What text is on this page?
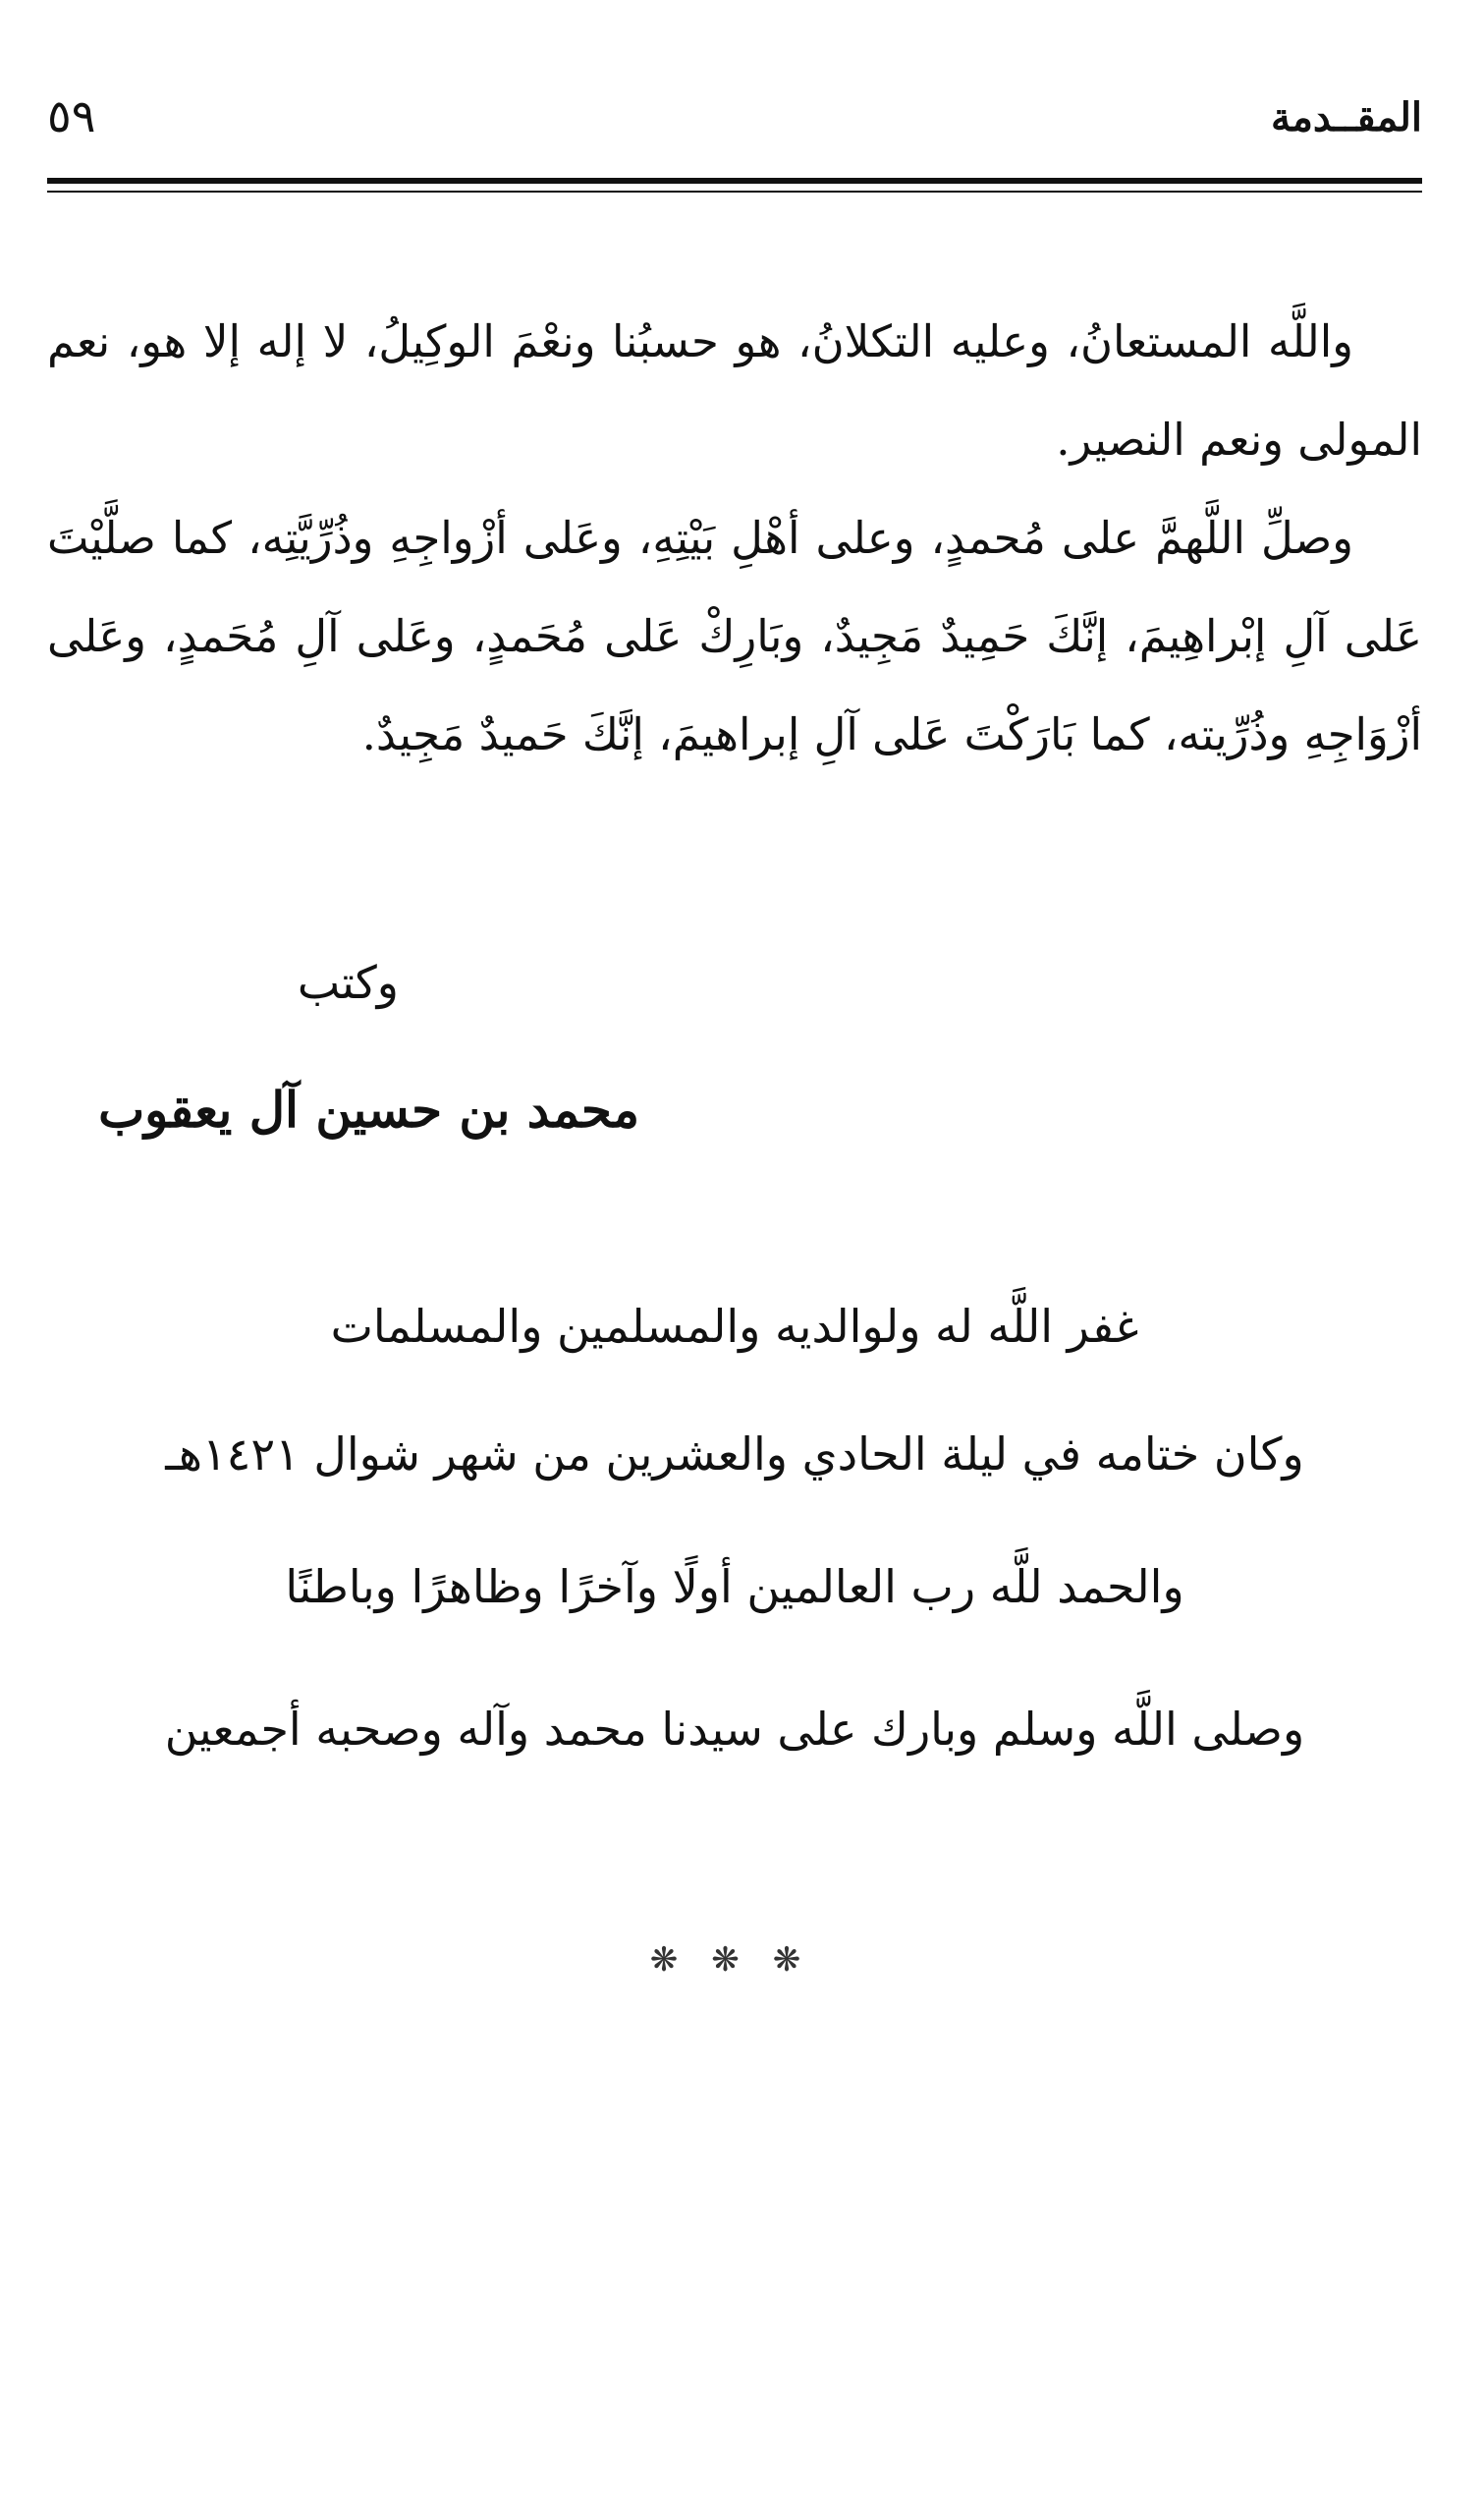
٥٩	المقــدمة

واللَّه المستعانُ، وعليه التكلانُ، هو حسبُنا ونعْمَ الوكِيلُ، لا إله إلا هو، نعم المولى ونعم النصير.

وصلِّ اللَّهمَّ على مُحمدٍ، وعلى أهْلِ بَيْتِهِ، وعَلى أزْواجِهِ وذُرِّيَّتِه، كما صلَّيْتَ عَلى آلِ إبْراهِيمَ، إنَّكَ حَمِيدٌ مَجِيدٌ، وبَارِكْ عَلى مُحَمدٍ، وعَلى آلِ مُحَمدٍ، وعَلى أزْوَاجِهِ وذُرِّيته، كما بَارَكْتَ عَلى آلِ إبراهيمَ، إنَّكَ حَميدٌ مَجِيدٌ.

وكتب
محمد بن حسين آل يعقوب

غفر اللَّه له ولوالديه والمسلمين والمسلمات

وكان ختامه في ليلة الحادي والعشرين من شهر شوال ١٤٢١هـ

والحمد للَّه رب العالمين أولًا وآخرًا وظاهرًا وباطنًا

وصلى اللَّه وسلم وبارك على سيدنا محمد وآله وصحبه أجمعين

❋❋❋
